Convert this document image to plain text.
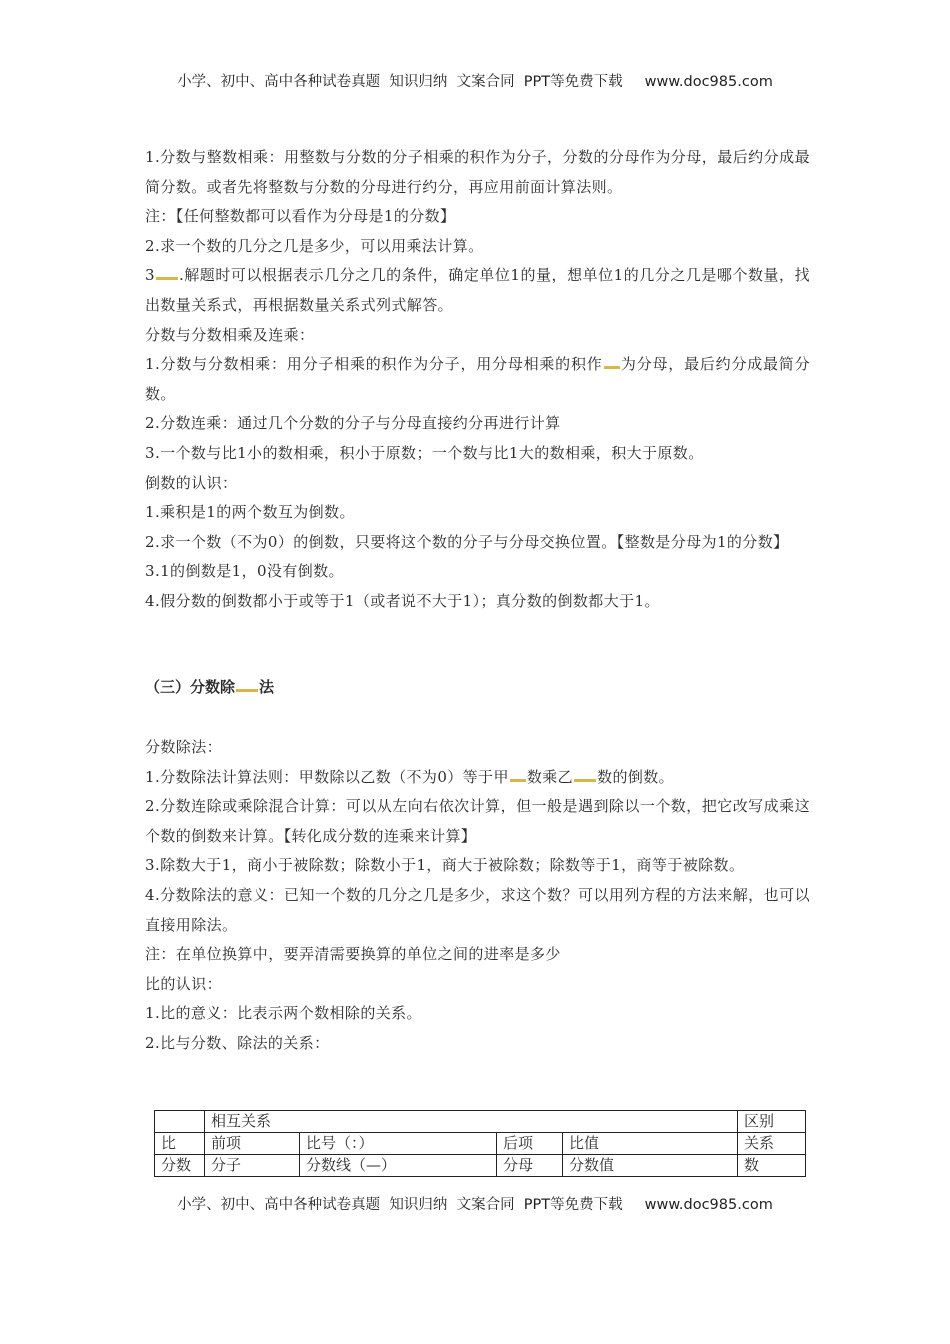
小学、初中、高中各种试卷真题  知识归纳  文案合同  PPT等免费下载 www.doc985.com

1.分数与整数相乘：用整数与分数的分子相乘的积作为分子，分数的分母作为分母，最后约分成最简分数。或者先将整数与分数的分母进行约分，再应用前面计算法则。

注：【任何整数都可以看作为分母是1的分数】

2.求一个数的几分之几是多少，可以用乘法计算。

3 .解题时可以根据表示几分之几的条件，确定单位1的量，想单位1的几分之几是哪个数量，找出数量关系式，再根据数量关系式列式解答。

分数与分数相乘及连乘：

1.分数与分数相乘：用分子相乘的积作为分子，用分母相乘的积作 为分母，最后约分成最简分数。

2.分数连乘：通过几个分数的分子与分母直接约分再进行计算

3.一个数与比1小的数相乘，积小于原数；一个数与比1大的数相乘，积大于原数。

倒数的认识：

1.乘积是1的两个数互为倒数。

2.求一个数（不为0）的倒数，只要将这个数的分子与分母交换位置。【整数是分母为1的分数】

3.1的倒数是1，0没有倒数。

4.假分数的倒数都小于或等于1（或者说不大于1）；真分数的倒数都大于1。

（三）分数除 法

分数除法：

1.分数除法计算法则：甲数除以乙数（不为0）等于甲 数乘乙 数的倒数。

2.分数连除或乘除混合计算：可以从左向右依次计算，但一般是遇到除以一个数，把它改写成乘这个数的倒数来计算。【转化成分数的连乘来计算】

3.除数大于1，商小于被除数；除数小于1，商大于被除数；除数等于1，商等于被除数。

4.分数除法的意义：已知一个数的几分之几是多少，求这个数？可以用列方程的方法来解，也可以直接用除法。

注：在单位换算中，要弄清需要换算的单位之间的进率是多少

比的认识：

1.比的意义：比表示两个数相除的关系。

2.比与分数、除法的关系：

	相互关系				区别
比	前项	比号（：）	后项	比值	关系
分数	分子	分数线（—）	分母	分数值	数
小学、初中、高中各种试卷真题  知识归纳  文案合同  PPT等免费下载 www.doc985.com
